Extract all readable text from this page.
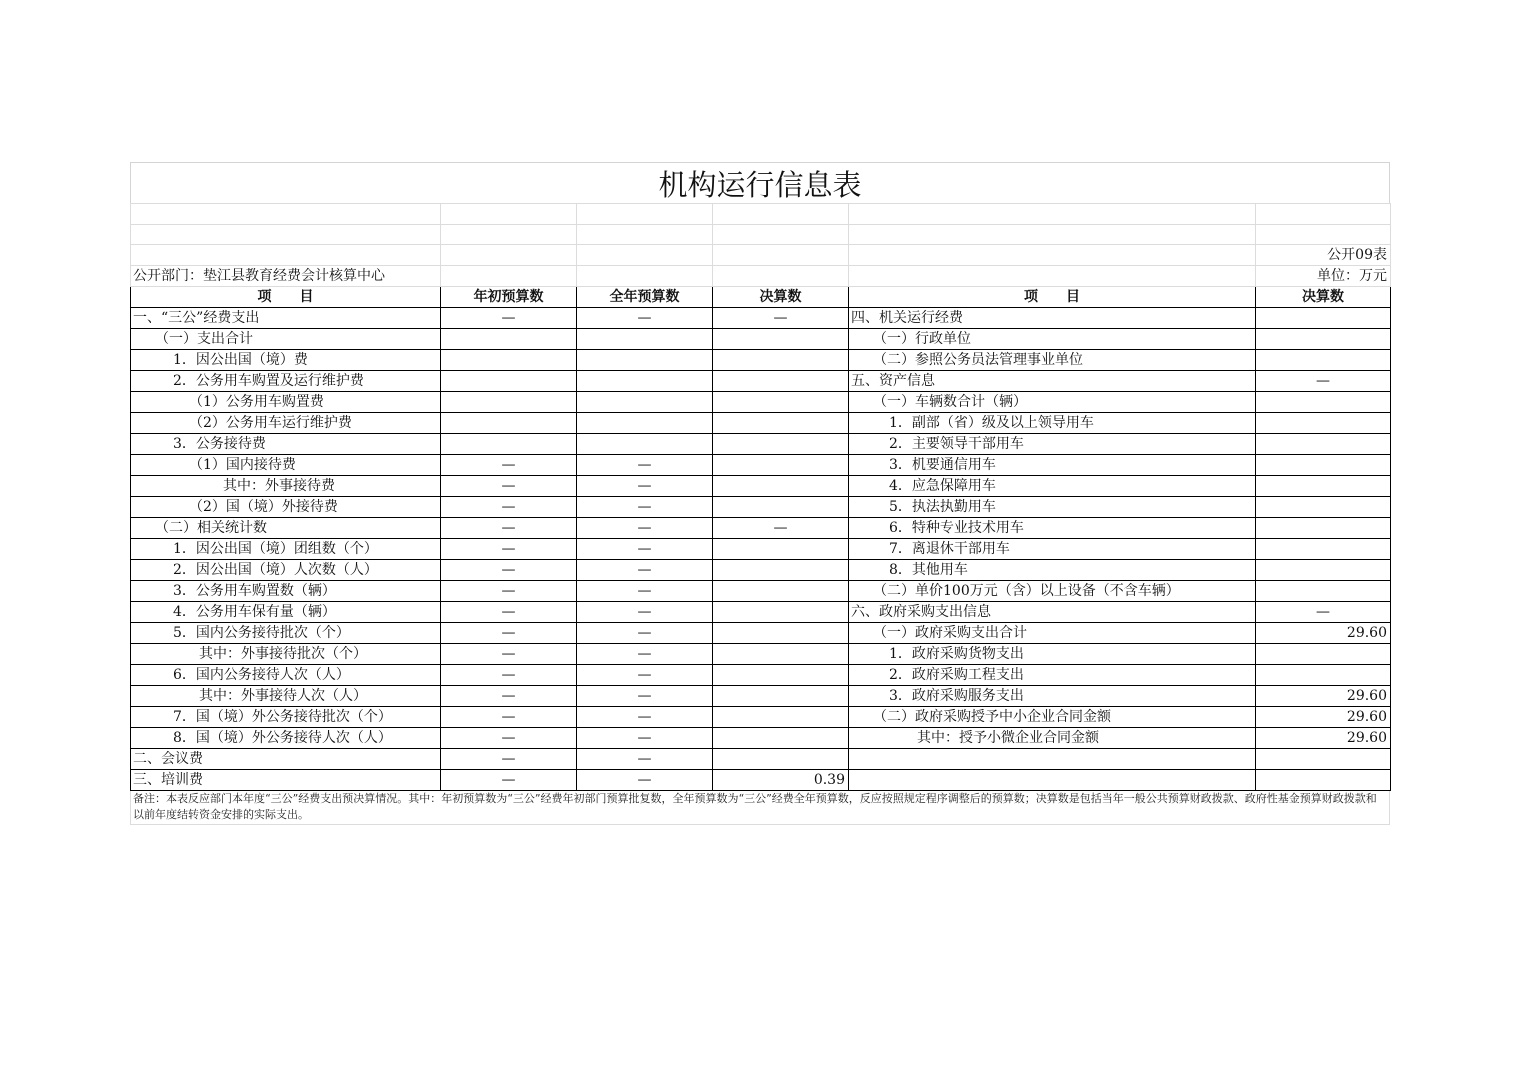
机构运行信息表

					公开09表
公开部门：垫江县教育经费会计核算中心					单位：万元
项　　目	年初预算数	全年预算数	决算数	项　　目	决算数
一、“三公”经费支出	—	—	—	四、机关运行经费	
（一）支出合计				（一）行政单位	
1．因公出国（境）费				（二）参照公务员法管理事业单位	
2．公务用车购置及运行维护费				五、资产信息	—
（1）公务用车购置费				（一）车辆数合计（辆）	
（2）公务用车运行维护费				1．副部（省）级及以上领导用车	
3．公务接待费				2．主要领导干部用车	
（1）国内接待费	—	—		3．机要通信用车	
其中：外事接待费	—	—		4．应急保障用车	
（2）国（境）外接待费	—	—		5．执法执勤用车	
（二）相关统计数	—	—	—	6．特种专业技术用车	
1．因公出国（境）团组数（个）	—	—		7．离退休干部用车	
2．因公出国（境）人次数（人）	—	—		8．其他用车	
3．公务用车购置数（辆）	—	—		（二）单价100万元（含）以上设备（不含车辆）	
4．公务用车保有量（辆）	—	—		六、政府采购支出信息	—
5．国内公务接待批次（个）	—	—		（一）政府采购支出合计	29.60
其中：外事接待批次（个）	—	—		1．政府采购货物支出	
6．国内公务接待人次（人）	—	—		2．政府采购工程支出	
其中：外事接待人次（人）	—	—		3．政府采购服务支出	29.60
7．国（境）外公务接待批次（个）	—	—		（二）政府采购授予中小企业合同金额	29.60
8．国（境）外公务接待人次（人）	—	—		其中：授予小微企业合同金额	29.60
二、会议费	—	—			
三、培训费	—	—	0.39		
备注：本表反应部门本年度“三公”经费支出预决算情况。其中：年初预算数为“三公”经费年初部门预算批复数，全年预算数为“三公”经费全年预算数，反应按照规定程序调整后的预算数；决算数是包括当年一般公共预算财政拨款、政府性基金预算财政拨款和以前年度结转资金安排的实际支出。
